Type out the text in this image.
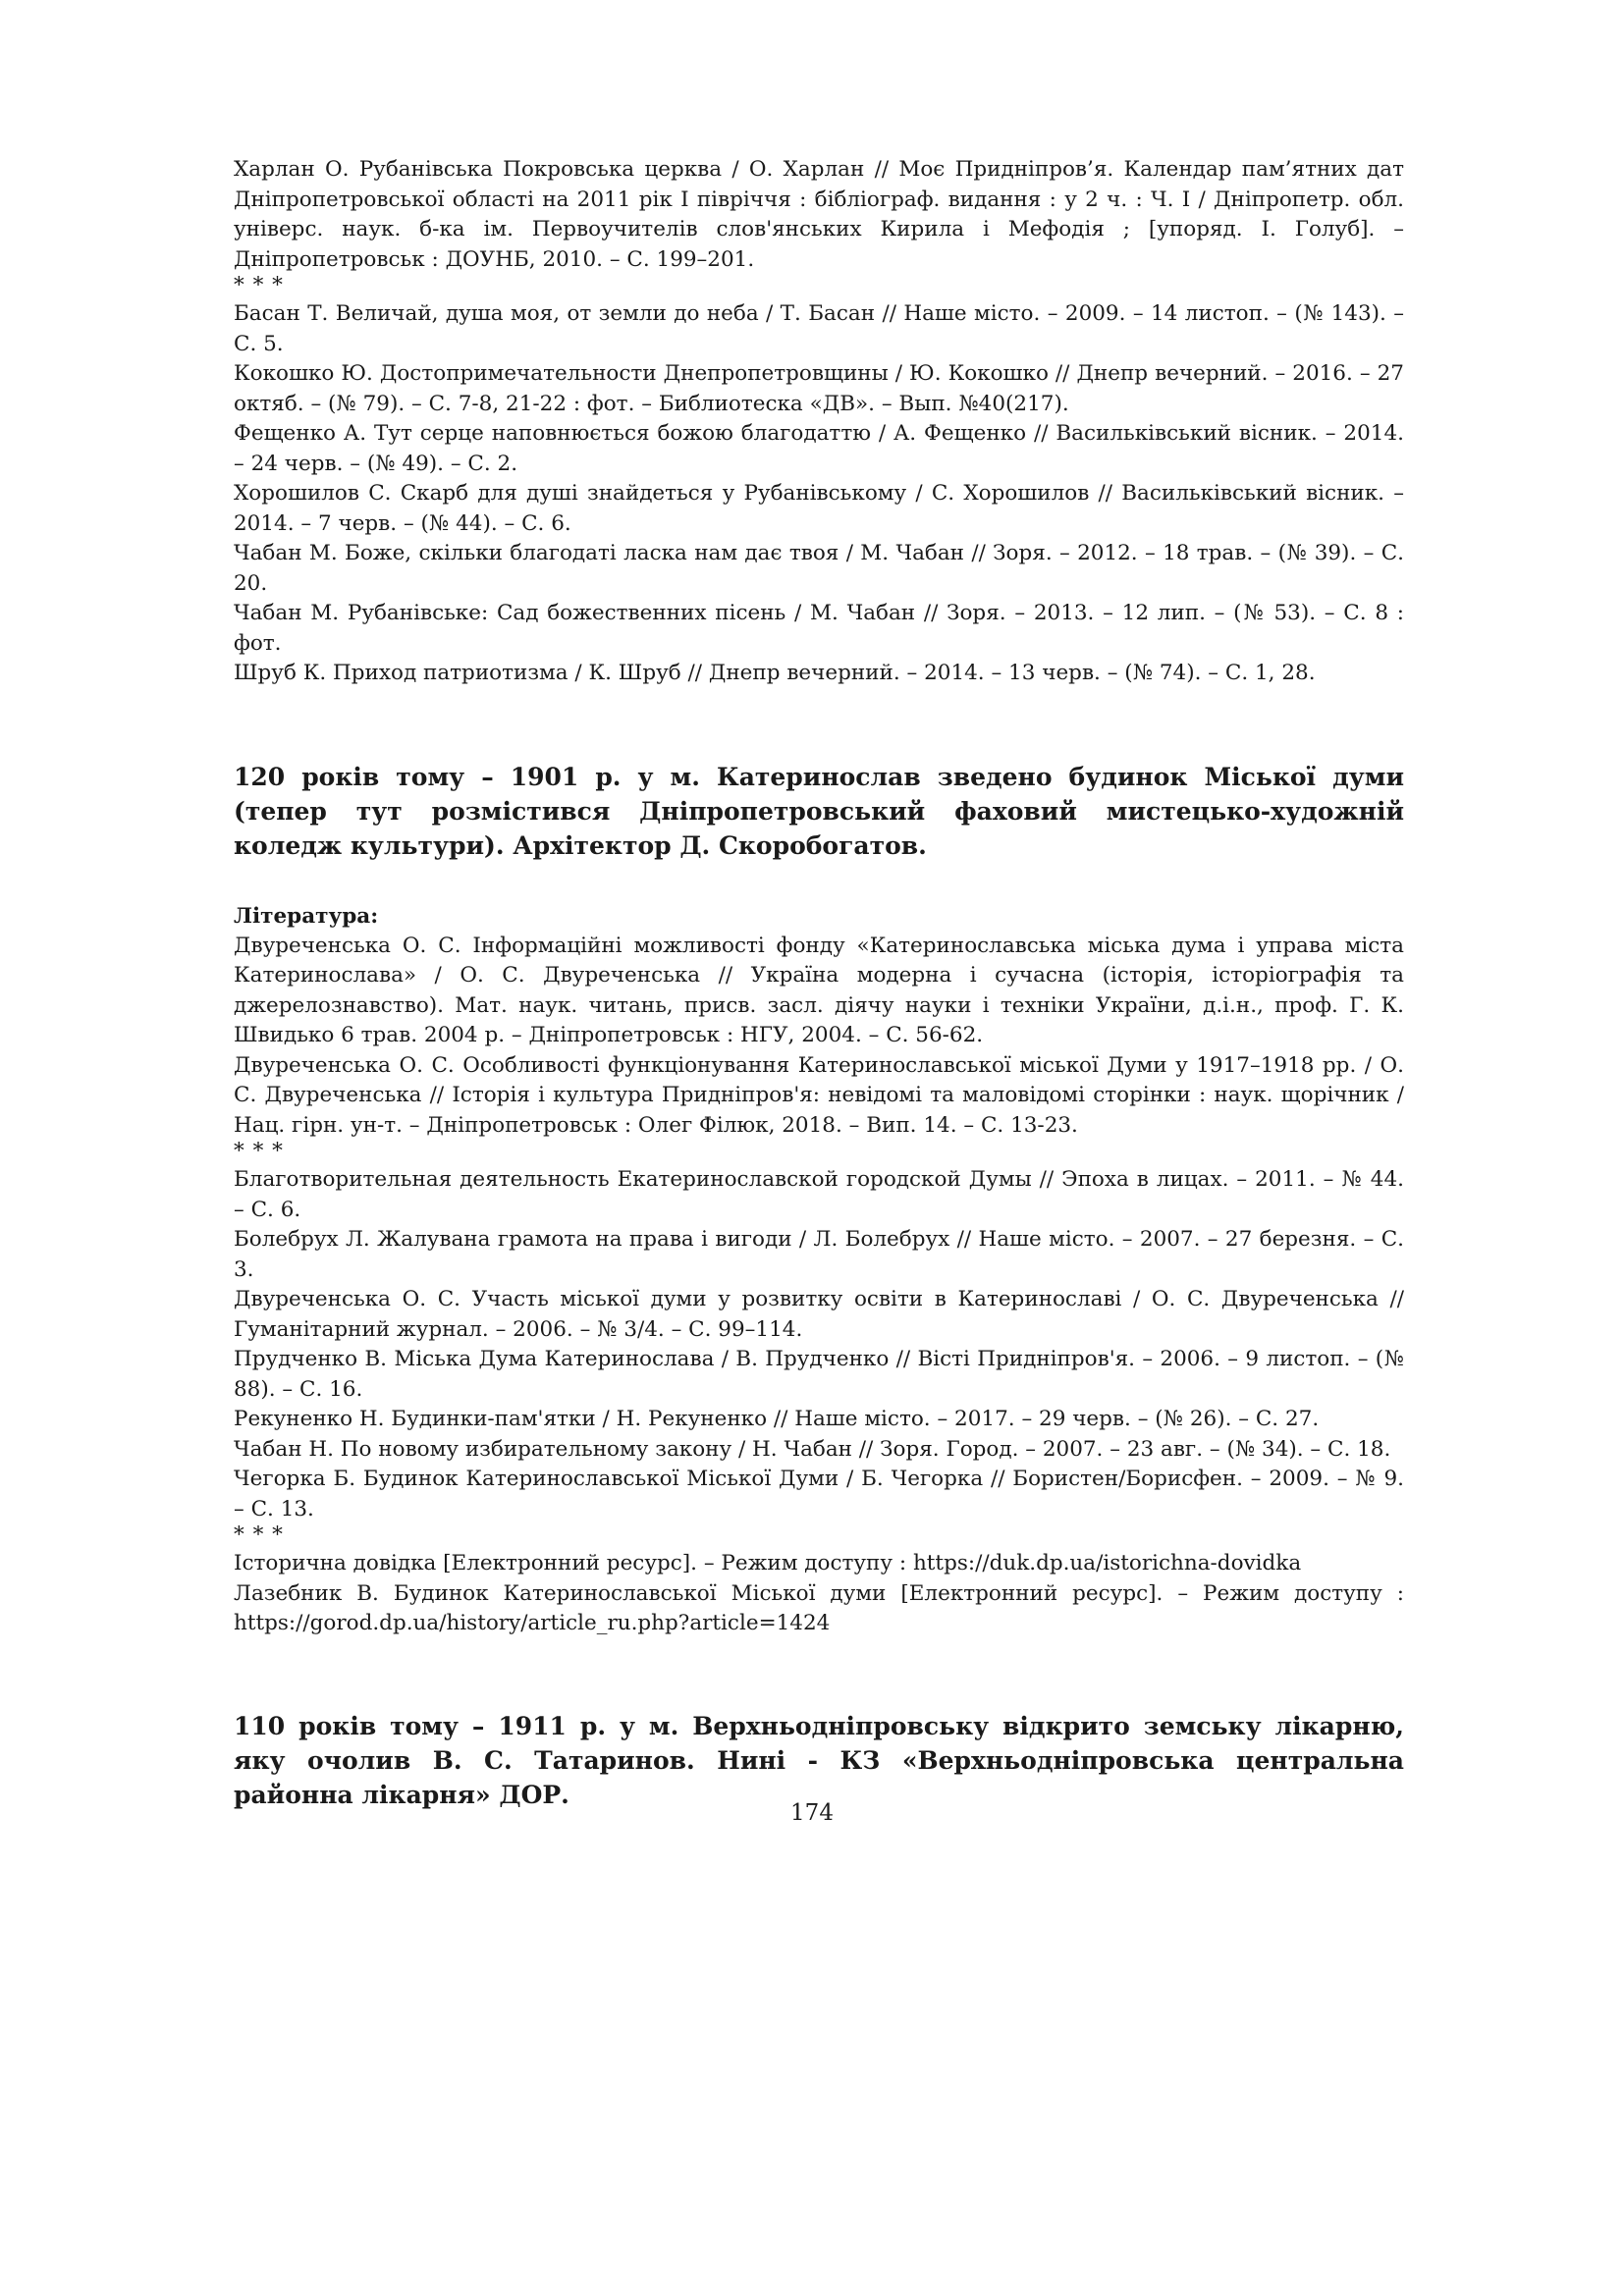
Харлан О. Рубанівська Покровська церква / О. Харлан // Моє Придніпров’я. Календар пам’ятних дат Дніпропетровської області на 2011 рік І півріччя : бібліограф. видання : у 2 ч. : Ч. І / Дніпропетр. обл. універс. наук. б-ка ім. Первоучителів слов'янських Кирила і Мефодія ; [упоряд. І. Голуб]. – Дніпропетровськ : ДОУНБ, 2010. – С. 199–201.

* * *

Басан Т. Величай, душа моя, от земли до неба / Т. Басан // Наше місто. – 2009. – 14 листоп. – (№ 143). – С. 5.

Кокошко Ю. Достопримечательности Днепропетровщины / Ю. Кокошко // Днепр вечерний. – 2016. – 27 октяб. – (№ 79). – С. 7-8, 21-22 : фот. – Библиотеска «ДВ». – Вып. №40(217).

Фещенко А. Тут серце наповнюється божою благодаттю / А. Фещенко // Васильківський вісник. – 2014. – 24 черв. – (№ 49). – С. 2.

Хорошилов С. Скарб для душі знайдеться у Рубанівському / С. Хорошилов // Васильківський вісник. – 2014. – 7 черв. – (№ 44). – С. 6.

Чабан М. Боже, скільки благодаті ласка нам дає твоя / М. Чабан // Зоря. – 2012. – 18 трав. – (№ 39). – С. 20.

Чабан М. Рубанівське: Сад божественних пісень / М. Чабан // Зоря. – 2013. – 12 лип. – (№ 53). – С. 8 : фот.

Шруб К. Приход патриотизма / К. Шруб // Днепр вечерний. – 2014. – 13 черв. – (№ 74). – С. 1, 28.

120 років тому – 1901 р. у м. Катеринослав зведено будинок Міської думи (тепер тут розмістився Дніпропетровський фаховий мистецько-художній коледж культури). Архітектор Д. Скоробогатов.

Література:

Двуреченська О. С. Інформаційні можливості фонду «Катеринославська міська дума і управа міста Катеринослава» / О. С. Двуреченська // Україна модерна і сучасна (історія, історіографія та джерелознавство). Мат. наук. читань, присв. засл. діячу науки і техніки України, д.і.н., проф. Г. К. Швидько 6 трав. 2004 р. – Дніпропетровськ : НГУ, 2004. – С. 56-62.

Двуреченська О. С. Особливості функціонування Катеринославської міської Думи у 1917–1918 рр. / О. С. Двуреченська // Історія і культура Придніпров'я: невідомі та маловідомі сторінки : наук. щорічник / Нац. гірн. ун-т. – Дніпропетровськ : Олег Філюк, 2018. – Вип. 14. – С. 13-23.

* * *

Благотворительная деятельность Екатеринославской городской Думы // Эпоха в лицах. – 2011. – № 44. – С. 6.

Болебрух Л. Жалувана грамота на права і вигоди / Л. Болебрух // Наше місто. – 2007. – 27 березня. – С. 3.

Двуреченська О. С. Участь міської думи у розвитку освіти в Катеринославі / О. С. Двуреченська // Гуманітарний журнал. – 2006. – № 3/4. – С. 99–114.

Прудченко В. Міська Дума Катеринослава / В. Прудченко // Вісті Придніпров'я. – 2006. – 9 листоп. – (№ 88). – С. 16.

Рекуненко Н. Будинки-пам'ятки / Н. Рекуненко // Наше місто. – 2017. – 29 черв. – (№ 26). – С. 27.

Чабан Н. По новому избирательному закону / Н. Чабан // Зоря. Город. – 2007. – 23 авг. – (№ 34). – С. 18.

Чегорка Б. Будинок Катеринославської Міської Думи / Б. Чегорка // Бористен/Борисфен. – 2009. – № 9. – С. 13.

* * *

Історична довідка [Електронний ресурс]. – Режим доступу : https://duk.dp.ua/istorichna-dovidka

Лазебник В. Будинок Катеринославської Міської думи [Електронний ресурс]. – Режим доступу : https://gorod.dp.ua/history/article_ru.php?article=1424

110 років тому – 1911 р. у м. Верхньодніпровську відкрито земську лікарню, яку очолив В. С. Татаринов. Нині - КЗ «Верхньодніпровська центральна районна лікарня» ДОР.
174
